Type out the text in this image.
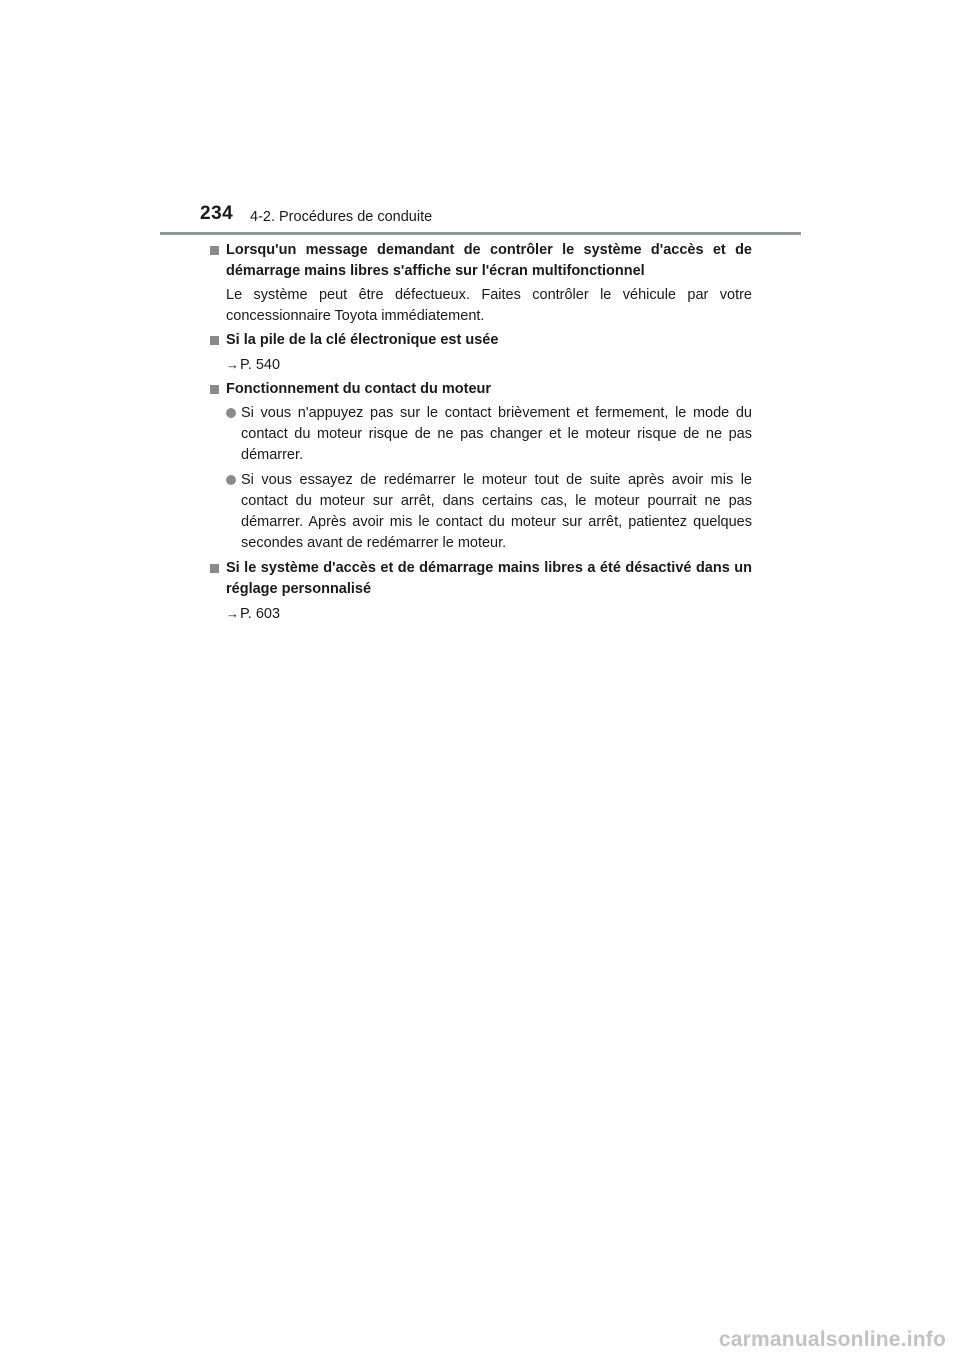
234 4-2. Procédures de conduite
Lorsqu'un message demandant de contrôler le système d'accès et de démarrage mains libres s'affiche sur l'écran multifonctionnel
Le système peut être défectueux. Faites contrôler le véhicule par votre concessionnaire Toyota immédiatement.
Si la pile de la clé électronique est usée
→P. 540
Fonctionnement du contact du moteur
Si vous n'appuyez pas sur le contact brièvement et fermement, le mode du contact du moteur risque de ne pas changer et le moteur risque de ne pas démarrer.
Si vous essayez de redémarrer le moteur tout de suite après avoir mis le contact du moteur sur arrêt, dans certains cas, le moteur pourrait ne pas démarrer. Après avoir mis le contact du moteur sur arrêt, patientez quelques secondes avant de redémarrer le moteur.
Si le système d'accès et de démarrage mains libres a été désactivé dans un réglage personnalisé
→P. 603
carmanualsonline.info
